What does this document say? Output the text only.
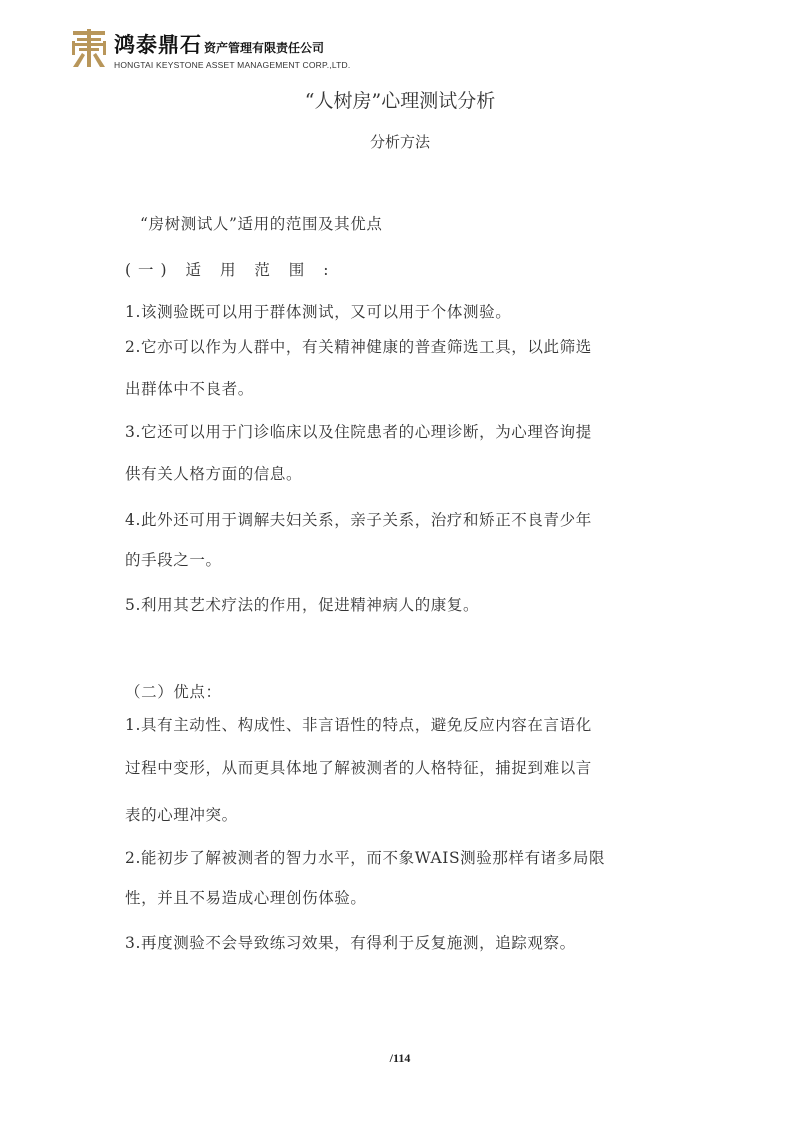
鸿泰鼎石 资产管理有限责任公司
HONGTAI KEYSTONE ASSET MANAGEMENT CORP.,LTD.
“人树房”心理测试分析
分析方法
“房树测试人”适用的范围及其优点
(一) 适 用 范 围 :
1.该测验既可以用于群体测试，又可以用于个体测验。
2.它亦可以作为人群中，有关精神健康的普查筛选工具，以此筛选
出群体中不良者。
3.它还可以用于门诊临床以及住院患者的心理诊断，为心理咨询提
供有关人格方面的信息。
4.此外还可用于调解夫妇关系，亲子关系，治疗和矫正不良青少年
的手段之一。
5.利用其艺术疗法的作用，促进精神病人的康复。
（二）优点：
1.具有主动性、构成性、非言语性的特点，避免反应内容在言语化
过程中变形，从而更具体地了解被测者的人格特征，捕捉到难以言
表的心理冲突。
2.能初步了解被测者的智力水平，而不象WAIS测验那样有诸多局限
性，并且不易造成心理创伤体验。
3.再度测验不会导致练习效果，有得利于反复施测，追踪观察。
/114
